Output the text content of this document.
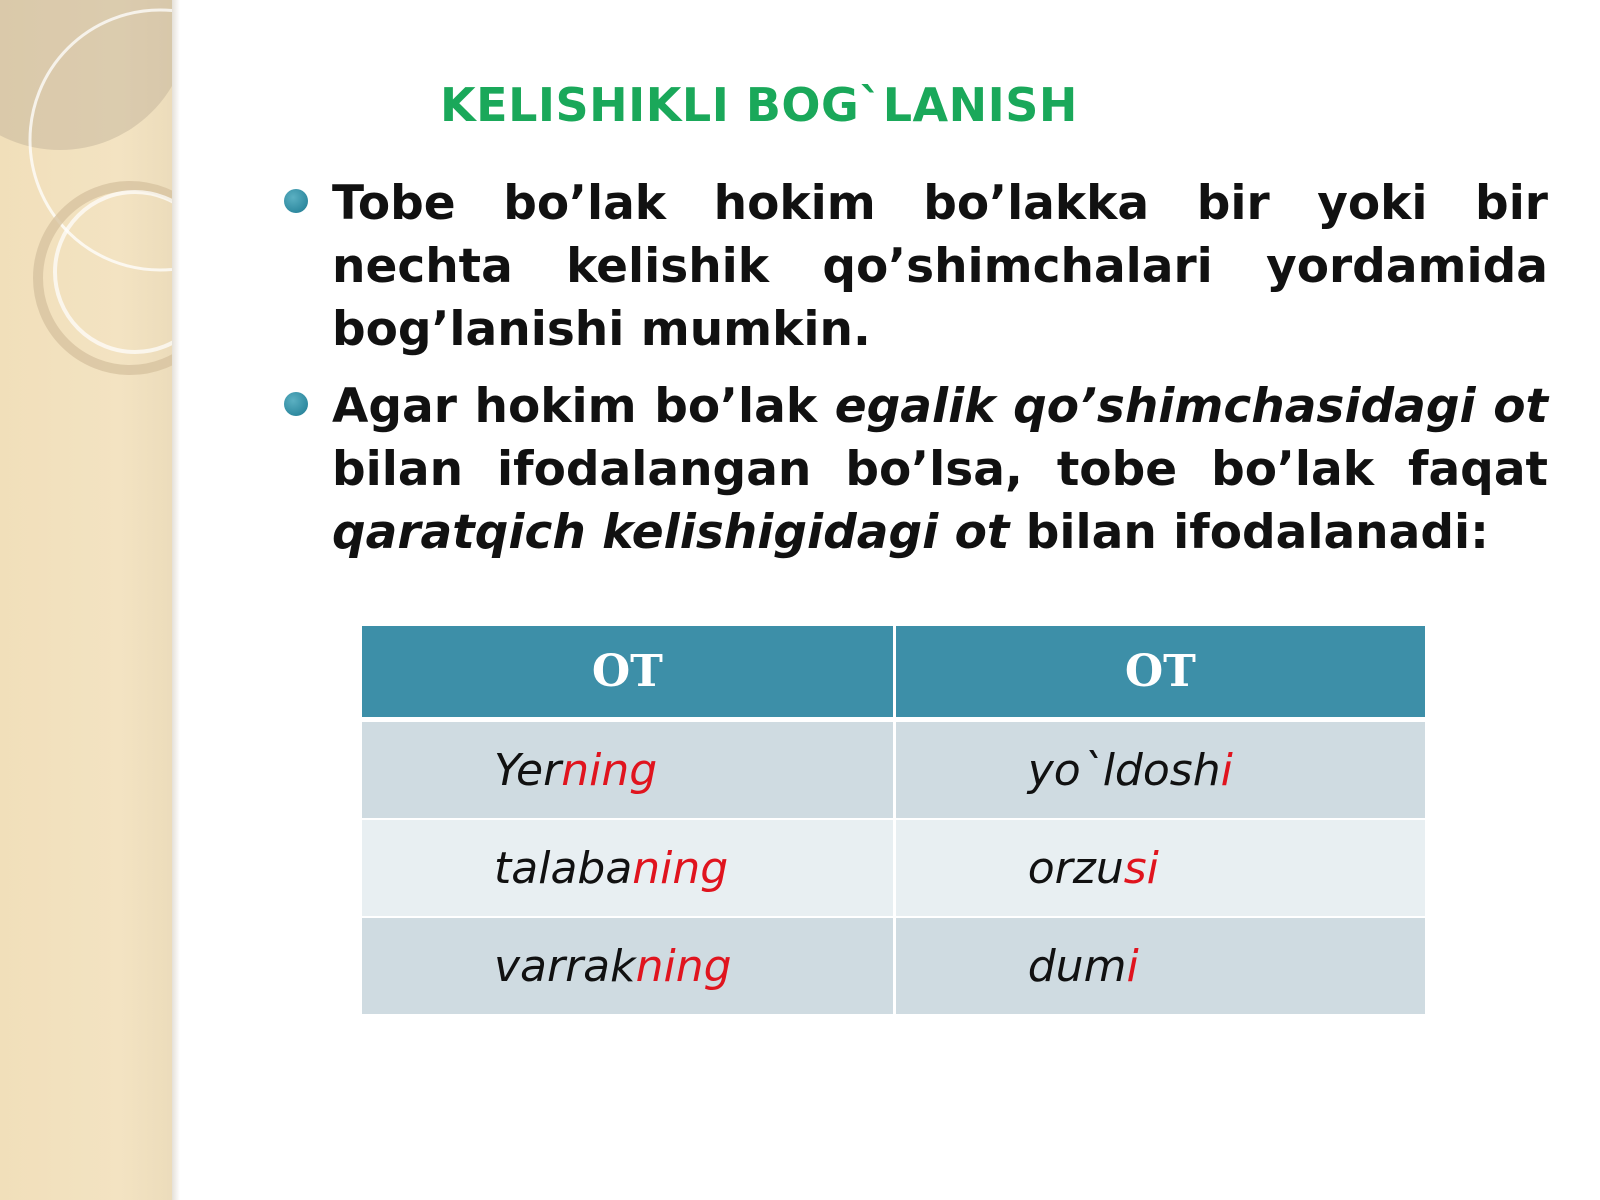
KELISHIKLI BOG`LANISH
Tobe bo’lak hokim bo’lakka bir yoki bir nechta kelishik qo’shimchalari yordamida bog’lanishi mumkin.
Agar hokim bo’lak egalik qo’shimchasidagi ot bilan ifodalangan bo’lsa, tobe bo’lak faqat qaratqich kelishigidagi ot bilan ifodalanadi:
OT	OT
Yerning	yo`ldoshi
talabaning	orzusi
varrakning	dumi
